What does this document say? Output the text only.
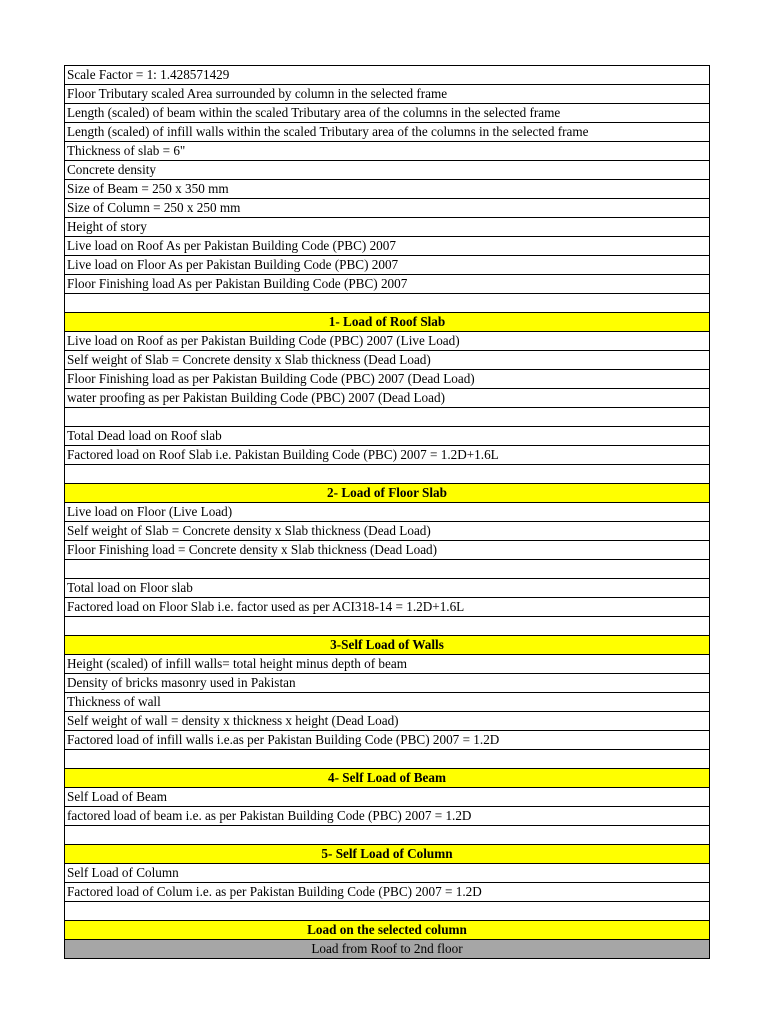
Scale Factor = 1: 1.428571429
Floor Tributary scaled Area surrounded by column in the selected frame
Length (scaled) of beam within the scaled Tributary area of the columns in the selected frame
Length (scaled) of infill walls within the scaled Tributary area of the columns in the selected frame
Thickness of slab = 6"
Concrete density
Size of Beam = 250 x 350 mm
Size of Column = 250 x 250 mm
Height of story
Live load on Roof As per Pakistan Building Code (PBC) 2007
Live load on Floor As per Pakistan Building Code (PBC) 2007
Floor Finishing load As per Pakistan Building Code (PBC) 2007
1- Load of Roof Slab
Live load on Roof as per Pakistan Building Code (PBC) 2007 (Live Load)
Self weight of Slab = Concrete density x Slab thickness (Dead Load)
Floor Finishing load as per Pakistan Building Code (PBC) 2007 (Dead Load)
water proofing as per Pakistan Building Code (PBC) 2007 (Dead Load)
Total Dead load on Roof slab
Factored load on Roof Slab i.e. Pakistan Building Code (PBC) 2007 = 1.2D+1.6L
2- Load of Floor Slab
Live load on Floor (Live Load)
Self weight of Slab = Concrete density x Slab thickness (Dead Load)
Floor Finishing load = Concrete density x Slab thickness (Dead Load)
Total load on Floor slab
Factored load on Floor Slab i.e. factor used as per ACI318-14 = 1.2D+1.6L
3-Self Load of Walls
Height (scaled) of infill walls= total height minus depth of beam
Density of bricks masonry used in Pakistan
Thickness of wall
Self weight of wall = density x thickness x height (Dead Load)
Factored load of infill walls i.e.as per Pakistan Building Code (PBC) 2007 = 1.2D
4- Self Load of Beam
Self Load of Beam
factored load of beam i.e. as per Pakistan Building Code (PBC) 2007 = 1.2D
5- Self Load of Column
Self Load of Column
Factored load of Colum i.e. as per Pakistan Building Code (PBC) 2007 = 1.2D
Load on the selected column
Load from Roof to 2nd floor
